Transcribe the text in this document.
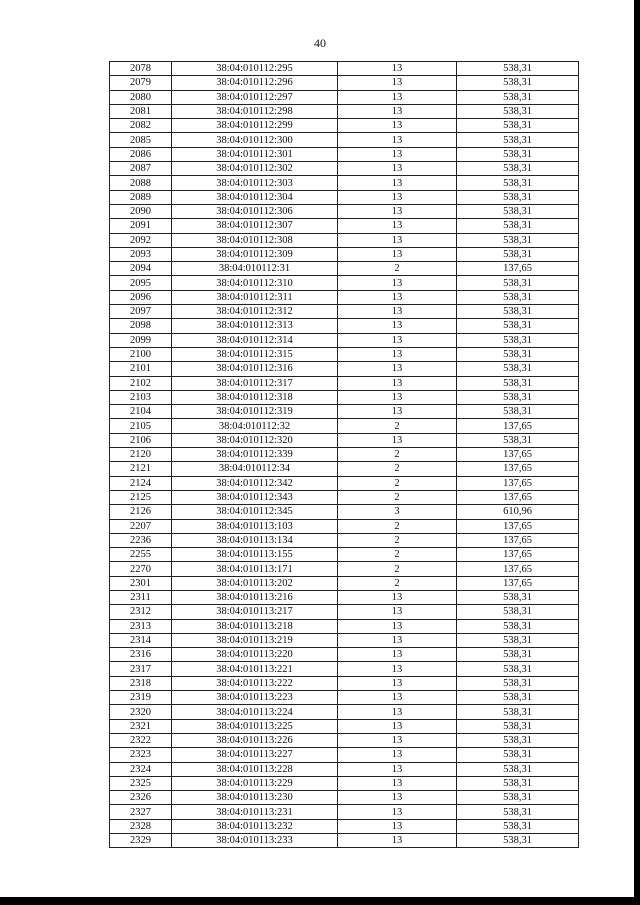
40
2078	38:04:010112:295	13	538,31
2079	38:04:010112:296	13	538,31
2080	38:04:010112:297	13	538,31
2081	38:04:010112:298	13	538,31
2082	38:04:010112:299	13	538,31
2085	38:04:010112:300	13	538,31
2086	38:04:010112:301	13	538,31
2087	38:04:010112:302	13	538,31
2088	38:04:010112:303	13	538,31
2089	38:04:010112:304	13	538,31
2090	38:04:010112:306	13	538,31
2091	38:04:010112:307	13	538,31
2092	38:04:010112:308	13	538,31
2093	38:04:010112:309	13	538,31
2094	38:04:010112:31	2	137,65
2095	38:04:010112:310	13	538,31
2096	38:04:010112:311	13	538,31
2097	38:04:010112:312	13	538,31
2098	38:04:010112:313	13	538,31
2099	38:04:010112:314	13	538,31
2100	38:04:010112:315	13	538,31
2101	38:04:010112:316	13	538,31
2102	38:04:010112:317	13	538,31
2103	38:04:010112:318	13	538,31
2104	38:04:010112:319	13	538,31
2105	38:04:010112:32	2	137,65
2106	38:04:010112:320	13	538,31
2120	38:04:010112:339	2	137,65
2121	38:04:010112:34	2	137,65
2124	38:04:010112:342	2	137,65
2125	38:04:010112:343	2	137,65
2126	38:04:010112:345	3	610,96
2207	38:04:010113:103	2	137,65
2236	38:04:010113:134	2	137,65
2255	38:04:010113:155	2	137,65
2270	38:04:010113:171	2	137,65
2301	38:04:010113:202	2	137,65
2311	38:04:010113:216	13	538,31
2312	38:04:010113:217	13	538,31
2313	38:04:010113:218	13	538,31
2314	38:04:010113:219	13	538,31
2316	38:04:010113:220	13	538,31
2317	38:04:010113:221	13	538,31
2318	38:04:010113:222	13	538,31
2319	38:04:010113:223	13	538,31
2320	38:04:010113:224	13	538,31
2321	38:04:010113:225	13	538,31
2322	38:04:010113:226	13	538,31
2323	38:04:010113:227	13	538,31
2324	38:04:010113:228	13	538,31
2325	38:04:010113:229	13	538,31
2326	38:04:010113:230	13	538,31
2327	38:04:010113:231	13	538,31
2328	38:04:010113:232	13	538,31
2329	38:04:010113:233	13	538,31
